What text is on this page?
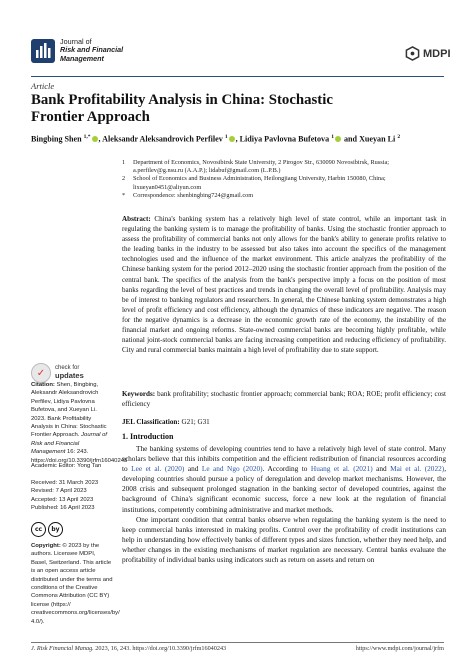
Journal of
Risk and Financial
Management	MDPI
Article
Bank Profitability Analysis in China: Stochastic
Frontier Approach
Bingbing Shen $^{1,*}$ , Aleksandr Aleksandrovich Perfilev $^1$ , Lidiya Pavlovna Bufetova $^1$ and Xueyan Li $^2$
1	Department of Economics, Novosibirsk State University, 2 Pirogov Str., 630090 Novosibirsk, Russia;
a.perfilev@g.nsu.ru (A.A.P.); lidabuf@gmail.com (L.P.B.)
2	School of Economics and Business Administration, Heilongjiang University, Harbin 150080, China;
lixueyan0451@aliyun.com
*	Correspondence: shenbingbing724@gmail.com
Abstract: China's banking system has a relatively high level of state control, while an important task in regulating the banking system is to manage the profitability of banks. Using the stochastic frontier approach to assess the profitability of commercial banks not only allows for the bank's ability to generate profits relative to the leading banks in the industry to be assessed but also takes into account the specifics of the management technologies used and the influence of the market environment. This article analyzes the profitability of the Chinese banking system for the period 2012–2020 using the stochastic frontier approach from the position of the central bank. The specifics of the analysis from the bank's perspective imply a focus on the position of most banks regarding the level of best practices and trends in changing the overall level of profitability. Analysis may be of interest to banking regulators and researchers. In general, the Chinese banking system demonstrates a high level of profit efficiency and cost efficiency, although the dynamics of these indicators are negative. The reason for the negative dynamics is a decrease in the economic growth rate of the economy, the instability of the financial market and ongoing reforms. State-owned commercial banks are becoming highly profitable, while national joint-stock commercial banks are facing increasing competition and reducing efficiency of profitability. City and rural commercial banks maintain a high level of profitability due to state support.
Keywords: bank profitability; stochastic frontier approach; commercial bank; ROA; ROE; profit efficiency; cost efficiency
JEL Classification: G21; G31
1. Introduction

The banking systems of developing countries tend to have a relatively high level of state control. Many scholars believe that this inhibits competition and the efficient redistribution of financial resources according to Lee et al. (2020) and Le and Ngo (2020). According to Huang et al. (2021) and Mai et al. (2022), developing countries should pursue a policy of deregulation and develop market mechanisms. However, the 2008 crisis and subsequent prolonged stagnation in the banking sector of developed countries, against the background of China's significant economic success, force a new look at the regulation of financial institutions, competently combining administrative and market methods.

One important condition that central banks observe when regulating the banking system is the need to keep commercial banks interested in making profits. Control over the profitability of credit institutions can help in understanding how effectively banks of different types and sizes function, whether they need help, and whether changes in the existing mechanisms of market regulation are necessary. Central banks evaluate the profitability of individual banks using indicators such as return on assets and return on

✓	check for
updates
Citation: Shen, Bingbing, Aleksandr Aleksandrovich Perfilev, Lidiya Pavlovna Bufetova, and Xueyan Li. 2023. Bank Profitability Analysis in China: Stochastic Frontier Approach. Journal of Risk and Financial Management 16: 243. https://doi.org/10.3390/jrfm16040243
Academic Editor: Yong Tan
Received: 31 March 2023
Revised: 7 April 2023
Accepted: 13 April 2023
Published: 16 April 2023
cc	by
Copyright: © 2023 by the authors. Licensee MDPI, Basel, Switzerland. This article is an open access article distributed under the terms and conditions of the Creative Commons Attribution (CC BY) license (https:// creativecommons.org/licenses/by/ 4.0/).
J. Risk Financial Manag. 2023, 16, 243. https://doi.org/10.3390/jrfm16040243	https://www.mdpi.com/journal/jrfm
